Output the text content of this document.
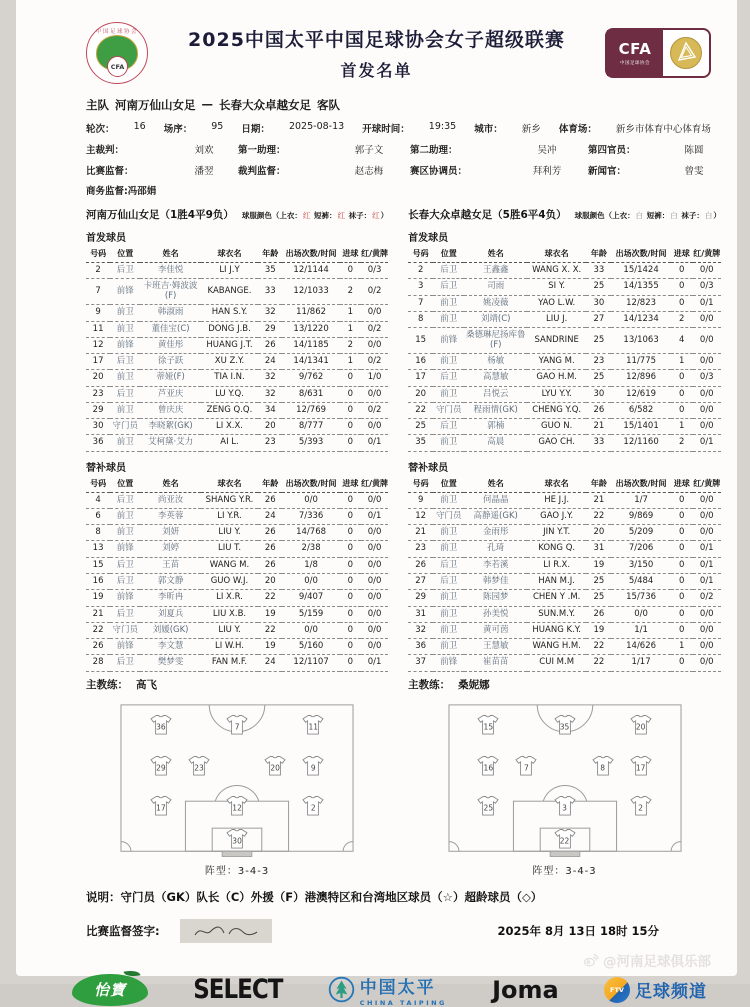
中国足球协会
CFA
2025中国太平中国足球协会女子超级联赛
首发名单
CFA
中国足球协会
主队 河南万仙山女足 — 长春大众卓越女足 客队
轮次： 16 场序： 95 日期： 2025-08-13 开球时间： 19:35 城市： 新乡 体育场： 新乡市体育中心体育场
主裁判：	刘欢	第一助理：	郭子文	第二助理：	吴冲	第四官员：	陈圆
比赛监督：	潘翌	裁判监督：	赵志梅	赛区协调员：	拜利芳	新闻官：	曾雯
商务监督:冯邵娟
河南万仙山女足（1胜4平9负） 球服颜色（上衣：红 短裤：红 袜子：红）
首发球员
号码	位置	姓名	球衣名	年龄	出场次数/时间	进球	红/黄牌
2	后卫	李佳悦	LI J.Y	35	12/1144	0	0/3
7	前锋	卡班吉·姆波波(F)	KABANGE.	33	12/1033	2	0/2
9	前卫	韩淑雨	HAN S.Y.	32	11/862	1	0/0
11	前卫	董佳宝(C)	DONG J.B.	29	13/1220	1	0/2
12	前锋	黄佳彤	HUANG J.T.	26	14/1185	2	0/0
17	后卫	徐子跃	XU Z.Y.	24	14/1341	1	0/2
20	前卫	蒂娅(F)	TIA I.N.	32	9/762	0	1/0
23	后卫	芦亚庆	LU Y.Q.	32	8/631	0	0/0
29	前卫	曾庆庆	ZENG Q.Q.	34	12/769	0	0/2
30	守门员	李晓絮(GK)	LI X.X.	20	8/777	0	0/0
36	前卫	艾柯黛·艾力	AI L.	23	5/393	0	0/1
替补球员
号码	位置	姓名	球衣名	年龄	出场次数/时间	进球	红/黄牌
4	后卫	尚亚汝	SHANG Y.R.	26	0/0	0	0/0
6	前卫	李英蓉	LI Y.R.	24	7/336	0	0/1
8	前卫	刘妍	LIU Y.	26	14/768	0	0/0
13	前锋	刘婷	LIU T.	26	2/38	0	0/0
15	后卫	王苗	WANG M.	26	1/8	0	0/0
16	后卫	郭文静	GUO W.J.	20	0/0	0	0/0
19	前锋	李昕冉	LI X.R.	22	9/407	0	0/0
21	后卫	刘夏兵	LIU X.B.	19	5/159	0	0/0
22	守门员	刘媛(GK)	LIU Y.	22	0/0	0	0/0
26	前锋	李文慧	LI W.H.	19	5/160	0	0/0
28	后卫	樊梦雯	FAN M.F.	24	12/1107	0	0/1
主教练： 高飞
36	7	11
29	23	20	9
17	12	2
30
阵型：3-4-3
长春大众卓越女足（5胜6平4负） 球服颜色（上衣：白 短裤：白 袜子：白）
首发球员
号码	位置	姓名	球衣名	年龄	出场次数/时间	进球	红/黄牌
2	后卫	王鑫鑫	WANG X. X.	33	15/1424	0	0/0
3	后卫	司雨	SI Y.	25	14/1355	0	0/3
7	前卫	姚凌薇	YAO L.W.	30	12/823	0	0/1
8	前卫	刘靖(C)	LIU J.	27	14/1234	2	0/0
15	前锋	桑德琳尼扬库鲁(F)	SANDRINE	25	13/1063	4	0/0
16	前卫	杨敏	YANG M.	23	11/775	1	0/0
17	后卫	高慧敏	GAO H.M.	25	12/896	0	0/3
20	前卫	吕悦云	LYU Y.Y.	30	12/619	0	0/0
22	守门员	程雨情(GK)	CHENG Y.Q.	26	6/582	0	0/0
25	后卫	郭楠	GUO N.	21	15/1401	1	0/0
35	前卫	高晨	GAO CH.	33	12/1160	2	0/1
替补球员
号码	位置	姓名	球衣名	年龄	出场次数/时间	进球	红/黄牌
9	前卫	何晶晶	HE J.J.	21	1/7	0	0/0
12	守门员	高静遥(GK)	GAO J.Y.	22	9/869	0	0/0
21	前卫	金雨彤	JIN Y.T.	20	5/209	0	0/0
23	前卫	孔琦	KONG Q.	31	7/206	0	0/1
26	后卫	李若溪	LI R.X.	19	3/150	0	0/1
27	后卫	韩梦佳	HAN M.J.	25	5/484	0	0/1
29	前卫	陈园梦	CHEN Y .M.	25	15/736	0	0/2
31	前卫	孙美悦	SUN.M.Y.	26	0/0	0	0/0
32	前卫	黄可茵	HUANG K.Y.	19	1/1	0	0/0
36	前卫	王慧敏	WANG H.M.	22	14/626	1	0/0
37	前锋	崔苗苗	CUI M.M	22	1/17	0	0/0
主教练： 桑妮娜
15	35	20
16	7	8	17
25	3	2
22
阵型：3-4-3
说明：守门员（GK）队长（C）外援（F）港澳特区和台湾地区球员（☆）超龄球员（◇）
比赛监督签字:	2025年 8月 13日 18时 15分
怡寶	SELECT	中国太平
CHINA TAIPING Joma	FTV 足球频道
@河南足球俱乐部
